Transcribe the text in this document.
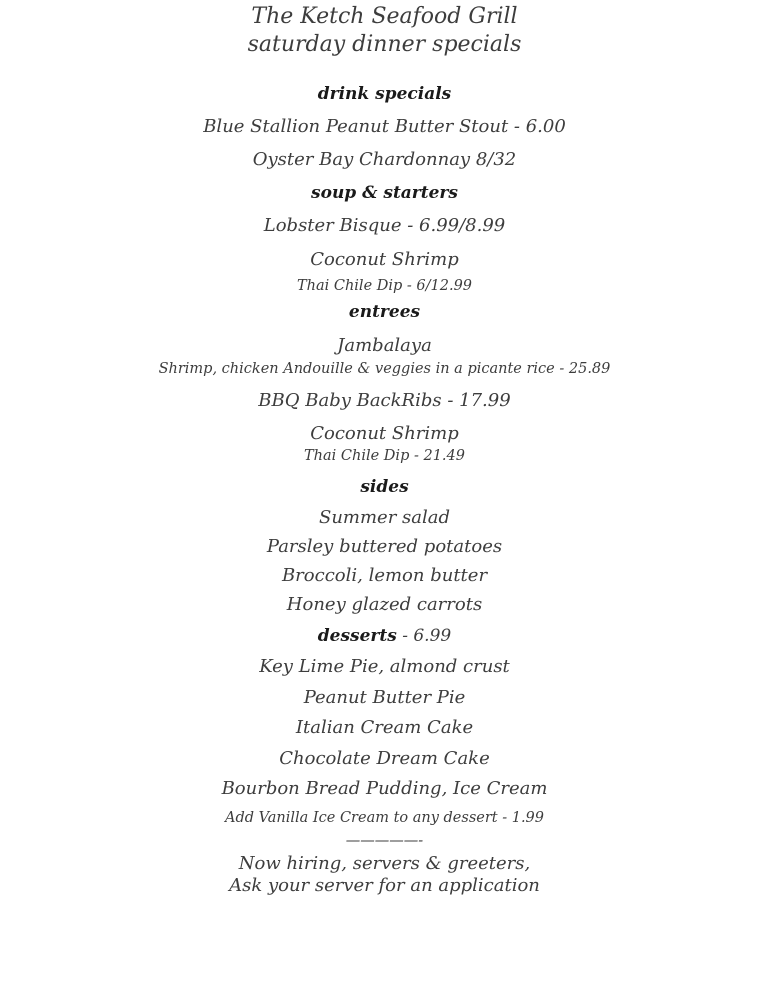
The Ketch Seafood Grill
saturday dinner specials
drink specials
Blue Stallion Peanut Butter Stout - 6.00
Oyster Bay Chardonnay 8/32
soup & starters
Lobster Bisque - 6.99/8.99
Coconut Shrimp
Thai Chile Dip - 6/12.99
entrees
Jambalaya
Shrimp, chicken Andouille & veggies in a picante rice - 25.89
BBQ Baby BackRibs - 17.99
Coconut Shrimp
Thai Chile Dip - 21.49
sides
Summer salad
Parsley buttered potatoes
Broccoli, lemon butter
Honey glazed carrots
desserts - 6.99
Key Lime Pie, almond crust
Peanut Butter Pie
Italian Cream Cake
Chocolate Dream Cake
Bourbon Bread Pudding, Ice Cream
Add Vanilla Ice Cream to any dessert - 1.99
—————-
Now hiring, servers & greeters,
Ask your server for an application
